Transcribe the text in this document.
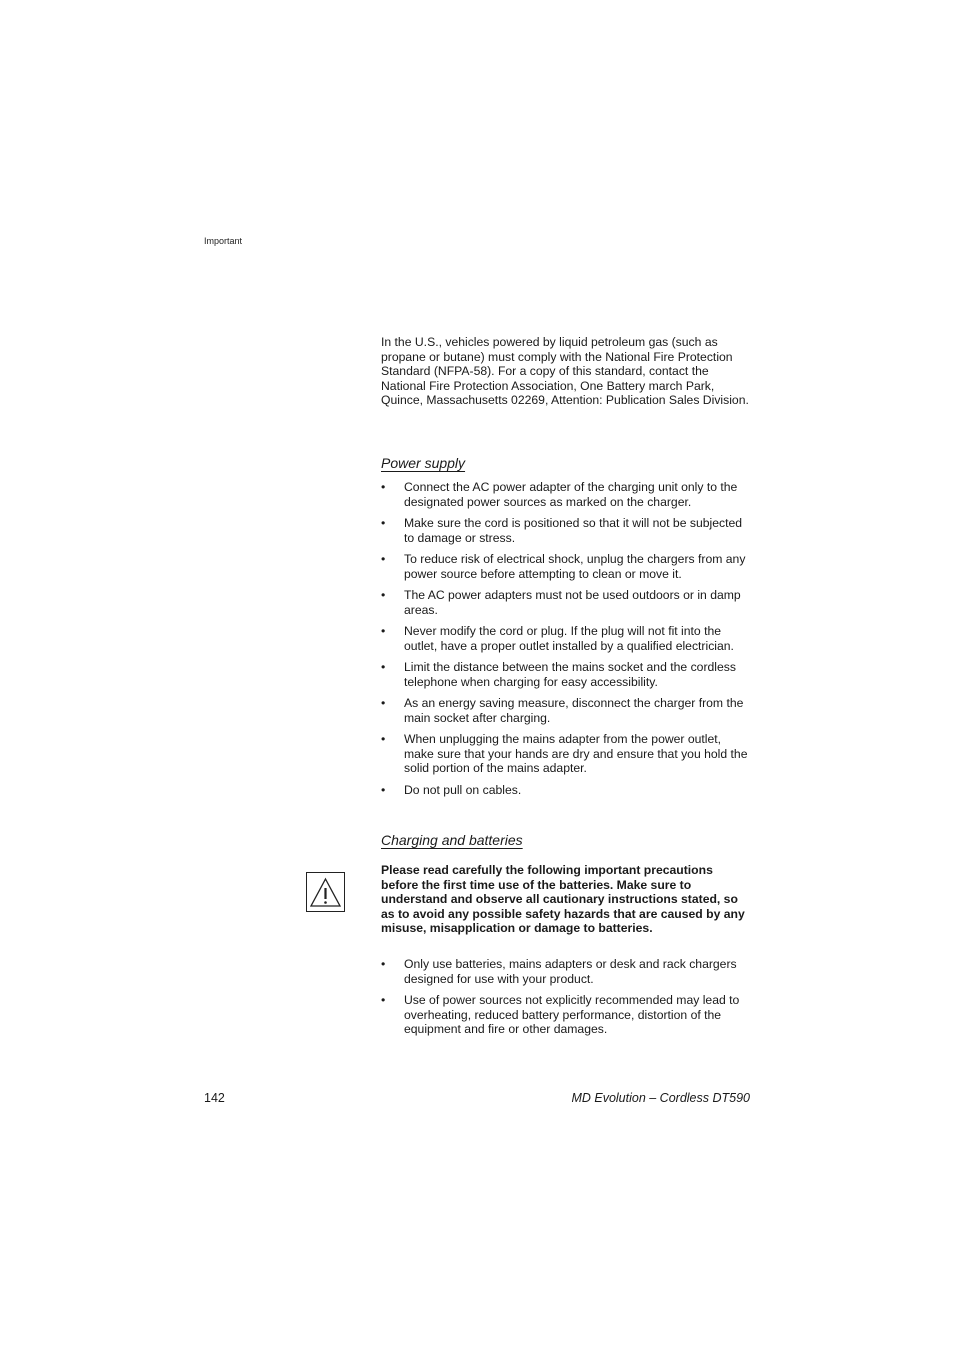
Important

In the U.S., vehicles powered by liquid petroleum gas (such as propane or butane) must comply with the National Fire Protection Standard (NFPA-58). For a copy of this standard, contact the National Fire Protection Association, One Battery march Park, Quince, Massachusetts 02269, Attention: Publication Sales Division.

Power supply
• Connect the AC power adapter of the charging unit only to the designated power sources as marked on the charger.
• Make sure the cord is positioned so that it will not be subjected to damage or stress.
• To reduce risk of electrical shock, unplug the chargers from any power source before attempting to clean or move it.
• The AC power adapters must not be used outdoors or in damp areas.
• Never modify the cord or plug. If the plug will not fit into the outlet, have a proper outlet installed by a qualified electrician.
• Limit the distance between the mains socket and the cordless telephone when charging for easy accessibility.
• As an energy saving measure, disconnect the charger from the main socket after charging.
• When unplugging the mains adapter from the power outlet, make sure that your hands are dry and ensure that you hold the solid portion of the mains adapter.
• Do not pull on cables.
Charging and batteries

Please read carefully the following important precautions before the first time use of the batteries. Make sure to understand and observe all cautionary instructions stated, so as to avoid any possible safety hazards that are caused by any misuse, misapplication or damage to batteries.

• Only use batteries, mains adapters or desk and rack chargers designed for use with your product.
• Use of power sources not explicitly recommended may lead to overheating, reduced battery performance, distortion of the equipment and fire or other damages.
142	MD Evolution – Cordless DT590
